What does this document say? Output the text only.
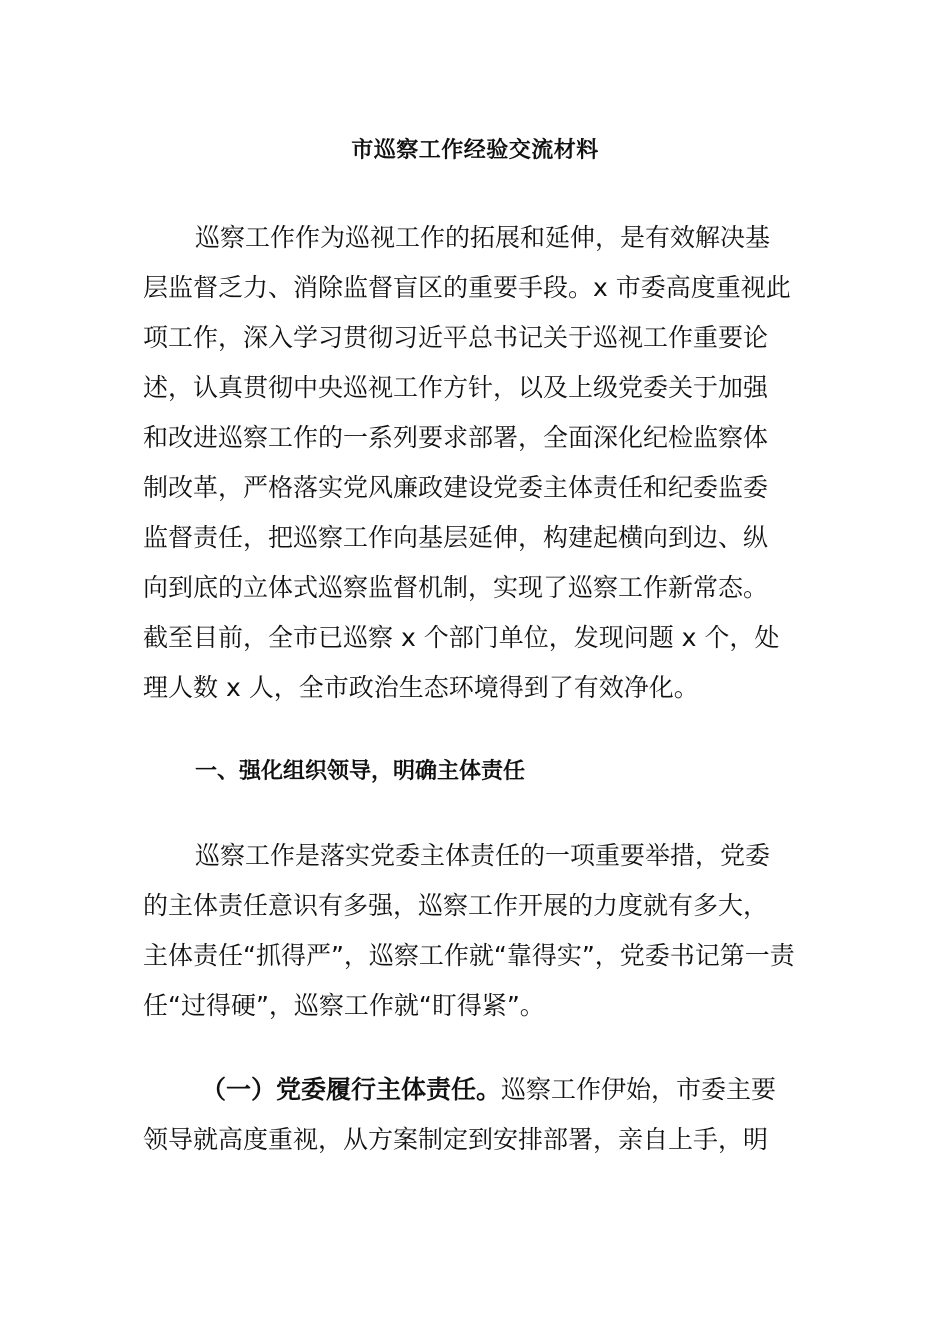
市巡察工作经验交流材料
巡察工作作为巡视工作的拓展和延伸，是有效解决基
层监督乏力、消除监督盲区的重要手段。x 市委高度重视此
项工作，深入学习贯彻习近平总书记关于巡视工作重要论
述，认真贯彻中央巡视工作方针，以及上级党委关于加强
和改进巡察工作的一系列要求部署，全面深化纪检监察体
制改革，严格落实党风廉政建设党委主体责任和纪委监委
监督责任，把巡察工作向基层延伸，构建起横向到边、纵
向到底的立体式巡察监督机制，实现了巡察工作新常态。
截至目前，全市已巡察 x 个部门单位，发现问题 x 个，处
理人数 x 人，全市政治生态环境得到了有效净化。
一、强化组织领导，明确主体责任
巡察工作是落实党委主体责任的一项重要举措，党委
的主体责任意识有多强，巡察工作开展的力度就有多大，
主体责任“抓得严”，巡察工作就“靠得实”，党委书记第一责
任“过得硬”，巡察工作就“盯得紧”。
（一）党委履行主体责任。巡察工作伊始，市委主要
领导就高度重视，从方案制定到安排部署，亲自上手，明
